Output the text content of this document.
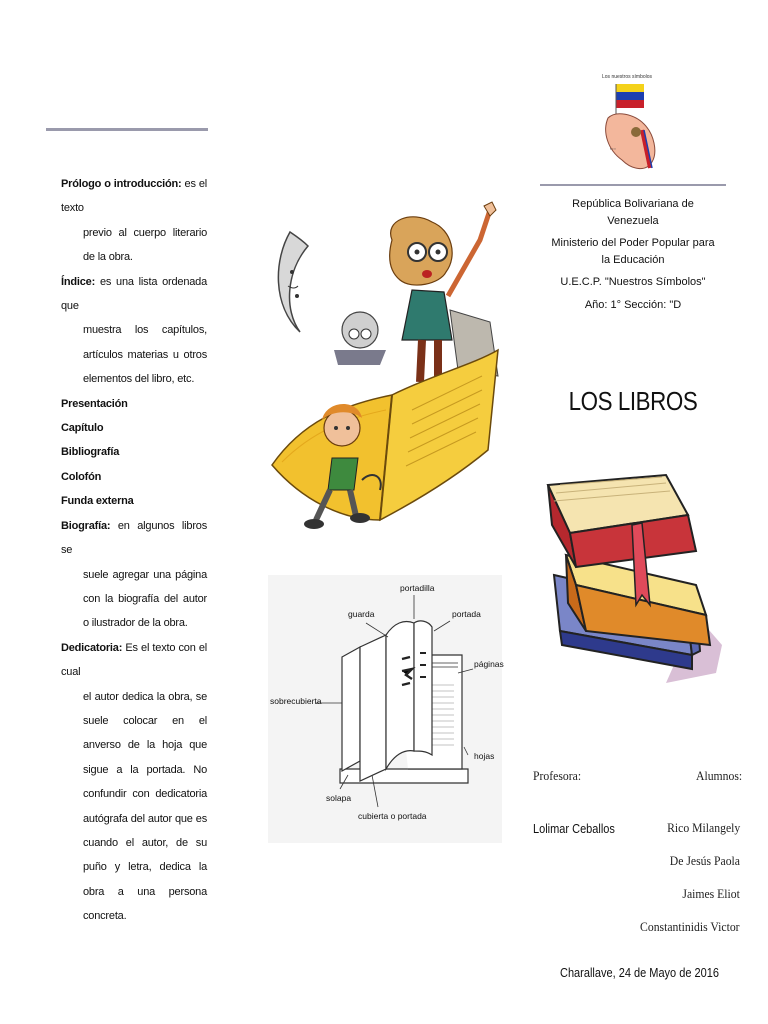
Prólogo o introducción: es el texto
previo al cuerpo literario de la obra.
Índice: es una lista ordenada que
muestra los capítulos, artículos materias u otros elementos del libro, etc.
Presentación
Capítulo
Bibliografía
Colofón
Funda externa
Biografía: en algunos libros se
suele agregar una página con la biografía del autor o ilustrador de la obra.
Dedicatoria: Es el texto con el cual
el autor dedica la obra, se suele colocar en el anverso de la hoja que sigue a la portada. No confundir con dedicatoria autógrafa del autor que es cuando el autor, de su puño y letra, dedica la obra a una persona concreta.
portadilla
guarda	portada
páginas
sobrecubierta
hojas
solapa
cubierta o portada
Los nuestros símbolos
▪ ▪ ▪
República Bolivariana de Venezuela
Ministerio del Poder Popular para la Educación
U.E.C.P. "Nuestros Símbolos"
Año: 1° Sección: "D
LOS LIBROS
Profesora:	Alumnos:
Lolimar Ceballos	Rico Milangely
De Jesús Paola
Jaimes Eliot
Constantinidis Victor
Charallave, 24 de Mayo de 2016
